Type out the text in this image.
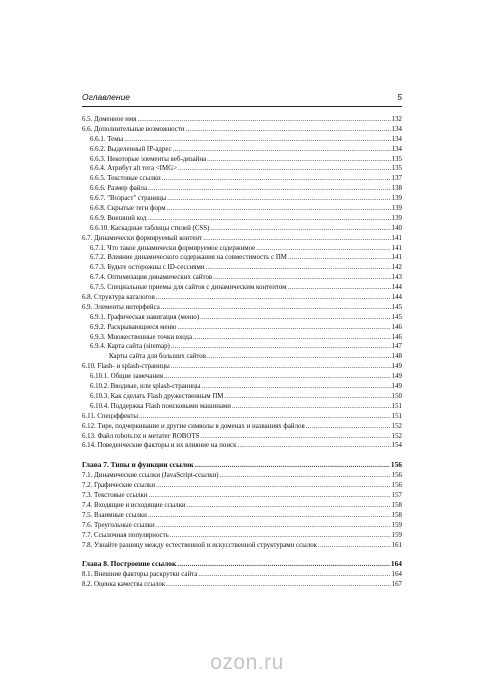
Оглавление	5
6.5. Доменное имя .....	132
6.6. Дополнительные возможности .....	134
6.6.1. Темы .....	134
6.6.2. Выделенный IP-адрес .....	134
6.6.3. Некоторые элементы веб-дизайна .....	135
6.6.4. Атрибут alt тега <IMG> .....	135
6.6.5. Текстовые ссылки .....	137
6.6.6. Размер файла .....	138
6.6.7. "Возраст" страницы .....	139
6.6.8. Скрытые теги форм .....	139
6.6.9. Внешний код .....	139
6.6.10. Каскадные таблицы стилей (CSS) .....	140
6.7. Динамически формируемый контент .....	141
6.7.1. Что такое динамически формируемое содержимое .....	141
6.7.2. Влияние динамического содержания на совместимость с ПМ .....	141
6.7.3. Будьте осторожны с ID-сессиями .....	142
6.7.4. Оптимизация динамических сайтов .....	143
6.7.5. Специальные приемы для сайтов с динамическим контентом .....	144
6.8. Структура каталогов .....	144
6.9. Элементы интерфейса .....	145
6.9.1. Графическая навигация (меню) .....	145
6.9.2. Раскрывающиеся меню .....	146
6.9.3. Множественные точки входа .....	146
6.9.4. Карта сайта (sitemap) .....	147
Карты сайта для больших сайтов .....	148
6.10. Flash- и splash-страницы .....	149
6.10.1. Общие замечания .....	149
6.10.2. Вводные, или splash-страницы .....	149
6.10.3. Как сделать Flash дружественным ПМ .....	150
6.10.4. Поддержка Flash поисковыми машинами .....	151
6.11. Спецэффекты .....	151
6.12. Тире, подчеркивание и другие символы в доменах и названиях файлов .....	152
6.13. Файл robots.txt и метатег ROBOTS .....	152
6.14. Поведенческие факторы и их влияние на поиск .....	154
Глава 7. Типы и функции ссылок .....	156
7.1. Динамические ссылки (JavaScript-ссылки) .....	156
7.2. Графические ссылки .....	156
7.3. Текстовые ссылки .....	157
7.4. Входящие и исходящие ссылки .....	158
7.5. Взаимные ссылки .....	158
7.6. Треугольные ссылки .....	159
7.7. Ссылочная популярность .....	159
7.8. Узнайте разницу между естественной и искусственной структурами ссылок .....	161
Глава 8. Построение ссылок .....	164
8.1. Внешние факторы раскрутки сайта .....	164
8.2. Оценка качества ссылок .....	167
ozon.ru
